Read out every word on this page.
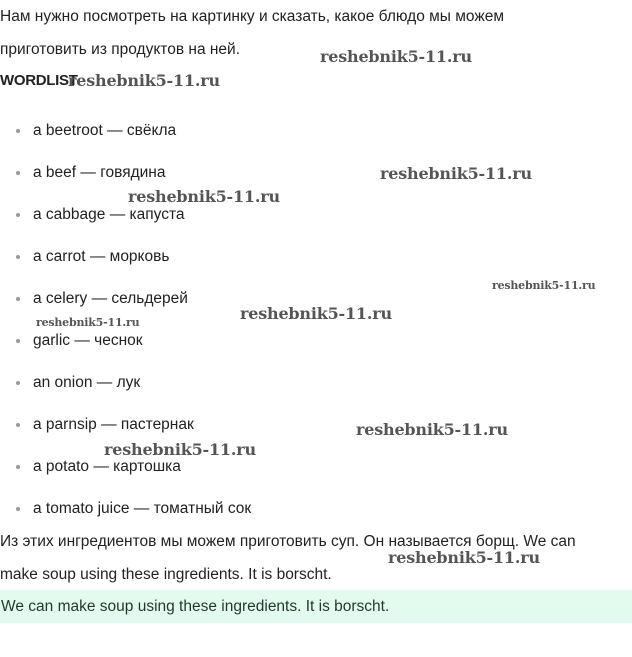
Нам нужно посмотреть на картинку и сказать, какое блюдо мы можем
приготовить из продуктов на ней.

WORDLIST
a beetroot — свёкла
a beef — говядина
a cabbage — капуста
a carrot — морковь
a celery — сельдерей
garlic — чеснок
an onion — лук
a parnsip — пастернак
a potato — картошка
a tomato juice — томатный сок

Из этих ингредиентов мы можем приготовить суп. Он называется борщ. We can
make soup using these ingredients. It is borscht.

We can make soup using these ingredients. It is borscht.
reshebnik5-11.ru
reshebnik5-11.ru
reshebnik5-11.ru
reshebnik5-11.ru
reshebnik5-11.ru
reshebnik5-11.ru
reshebnik5-11.ru
reshebnik5-11.ru
reshebnik5-11.ru
reshebnik5-11.ru
